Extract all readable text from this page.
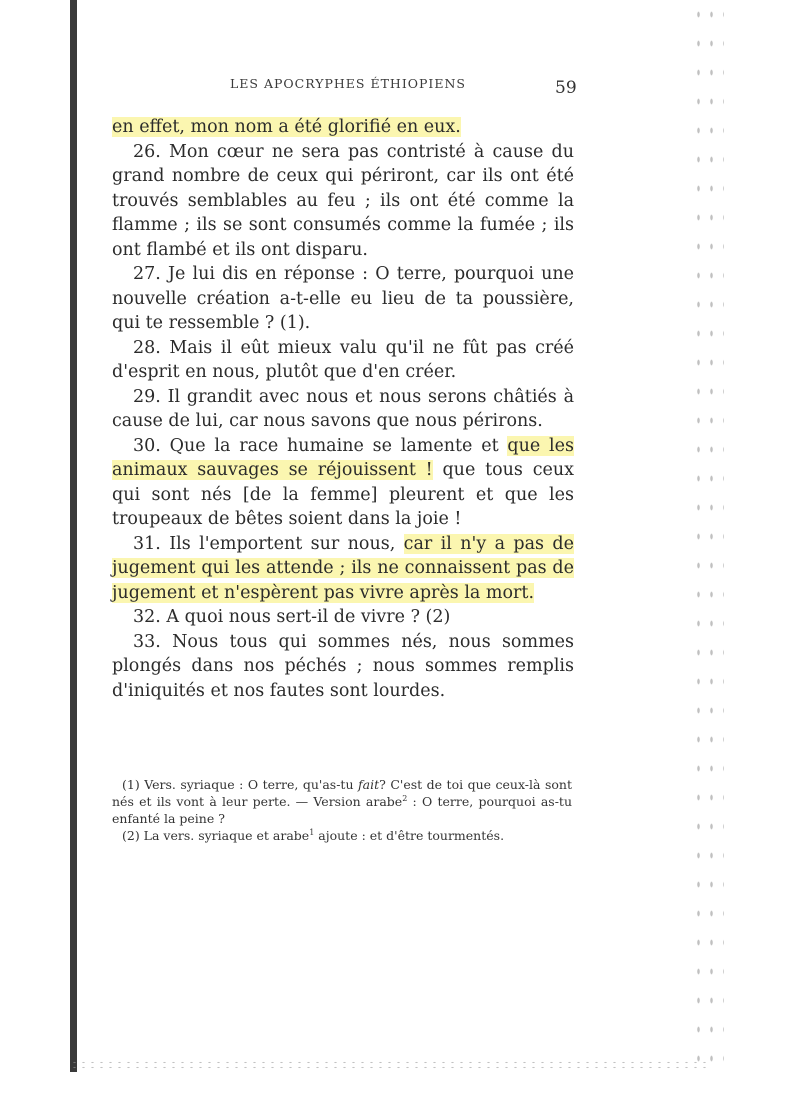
LES APOCRYPHES ÉTHIOPIENS	59

en effet, mon nom a été glorifié en eux.

26. Mon cœur ne sera pas contristé à cause du grand nombre de ceux qui périront, car ils ont été trouvés semblables au feu ; ils ont été comme la flamme ; ils se sont consumés comme la fumée ; ils ont flambé et ils ont disparu.

27. Je lui dis en réponse : O terre, pourquoi une nouvelle création a-t-elle eu lieu de ta poussière, qui te ressemble ? (1).

28. Mais il eût mieux valu qu'il ne fût pas créé d'esprit en nous, plutôt que d'en créer.

29. Il grandit avec nous et nous serons châtiés à cause de lui, car nous savons que nous périrons.

30. Que la race humaine se lamente et que les animaux sauvages se réjouissent ! que tous ceux qui sont nés [de la femme] pleurent et que les troupeaux de bêtes soient dans la joie !

31. Ils l'emportent sur nous, car il n'y a pas de jugement qui les attende ; ils ne connaissent pas de jugement et n'espèrent pas vivre après la mort.

32. A quoi nous sert-il de vivre ? (2)

33. Nous tous qui sommes nés, nous sommes plongés dans nos péchés ; nous sommes remplis d'iniquités et nos fautes sont lourdes.

(1) Vers. syriaque : O terre, qu'as-tu fait? C'est de toi que ceux-là sont nés et ils vont à leur perte. — Version arabe$^2$ : O terre, pourquoi as-tu enfanté la peine ?

(2) La vers. syriaque et arabe$^1$ ajoute : et d'être tourmentés.
